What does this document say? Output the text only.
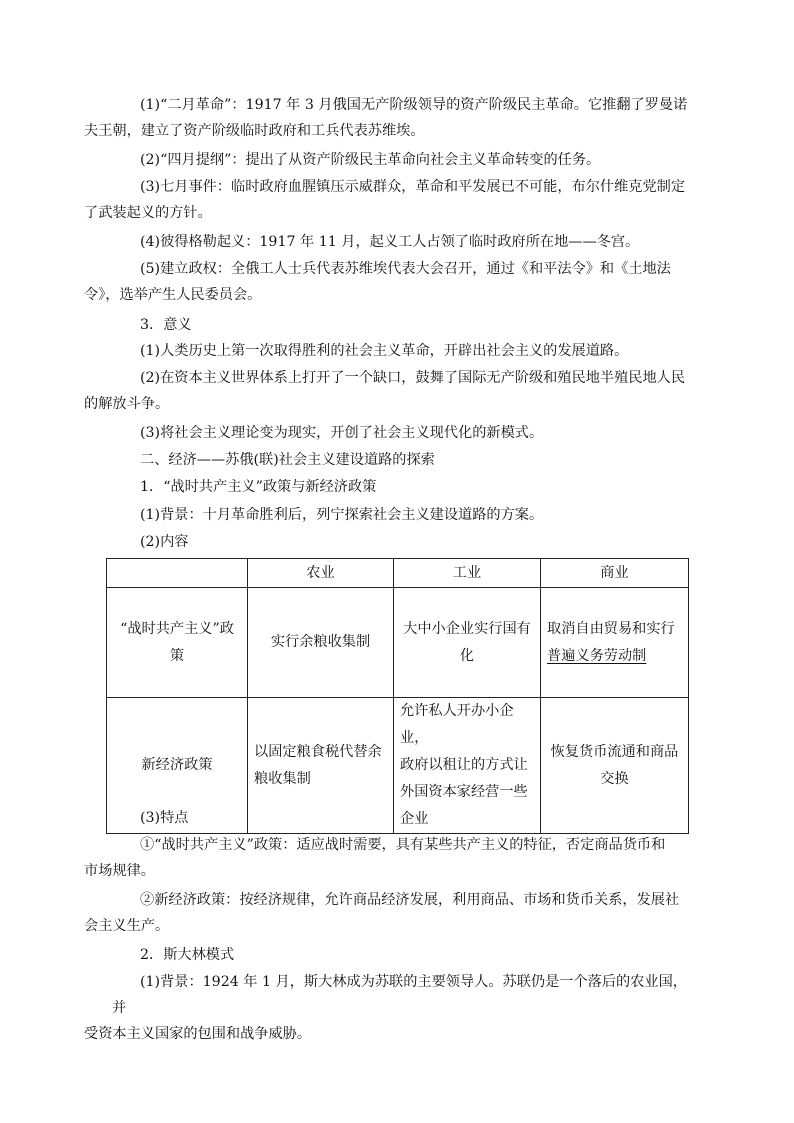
(1)“二月革命”：1917 年 3 月俄国无产阶级领导的资产阶级民主革命。它推翻了罗曼诺
夫王朝，建立了资产阶级临时政府和工兵代表苏维埃。

(2)“四月提纲”：提出了从资产阶级民主革命向社会主义革命转变的任务。

(3)七月事件：临时政府血腥镇压示威群众，革命和平发展已不可能，布尔什维克党制定
了武装起义的方针。

(4)彼得格勒起义：1917 年 11 月，起义工人占领了临时政府所在地——冬宫。

(5)建立政权：全俄工人士兵代表苏维埃代表大会召开，通过《和平法令》和《土地法
令》，选举产生人民委员会。

3．意义

(1)人类历史上第一次取得胜利的社会主义革命，开辟出社会主义的发展道路。

(2)在资本主义世界体系上打开了一个缺口，鼓舞了国际无产阶级和殖民地半殖民地人民
的解放斗争。

(3)将社会主义理论变为现实，开创了社会主义现代化的新模式。

二、经济——苏俄(联)社会主义建设道路的探索

1．“战时共产主义”政策与新经济政策

(1)背景：十月革命胜利后，列宁探索社会主义建设道路的方案。

(2)内容

	农业	工业	商业
“战时共产主义”政
策	实行余粮收集制	大中小企业实行国有
化	取消自由贸易和实行
普遍义务劳动制
新经济政策	以固定粮食税代替余
粮收集制	允许私人开办小企业，
政府以租让的方式让
外国资本家经营一些
企业	恢复货币流通和商品
交换

(3)特点

①“战时共产主义”政策：适应战时需要，具有某些共产主义的特征，否定商品货币和
市场规律。

②新经济政策：按经济规律，允许商品经济发展，利用商品、市场和货币关系，发展社
会主义生产。

2．斯大林模式

(1)背景：1924 年 1 月，斯大林成为苏联的主要领导人。苏联仍是一个落后的农业国，并
受资本主义国家的包围和战争威胁。
